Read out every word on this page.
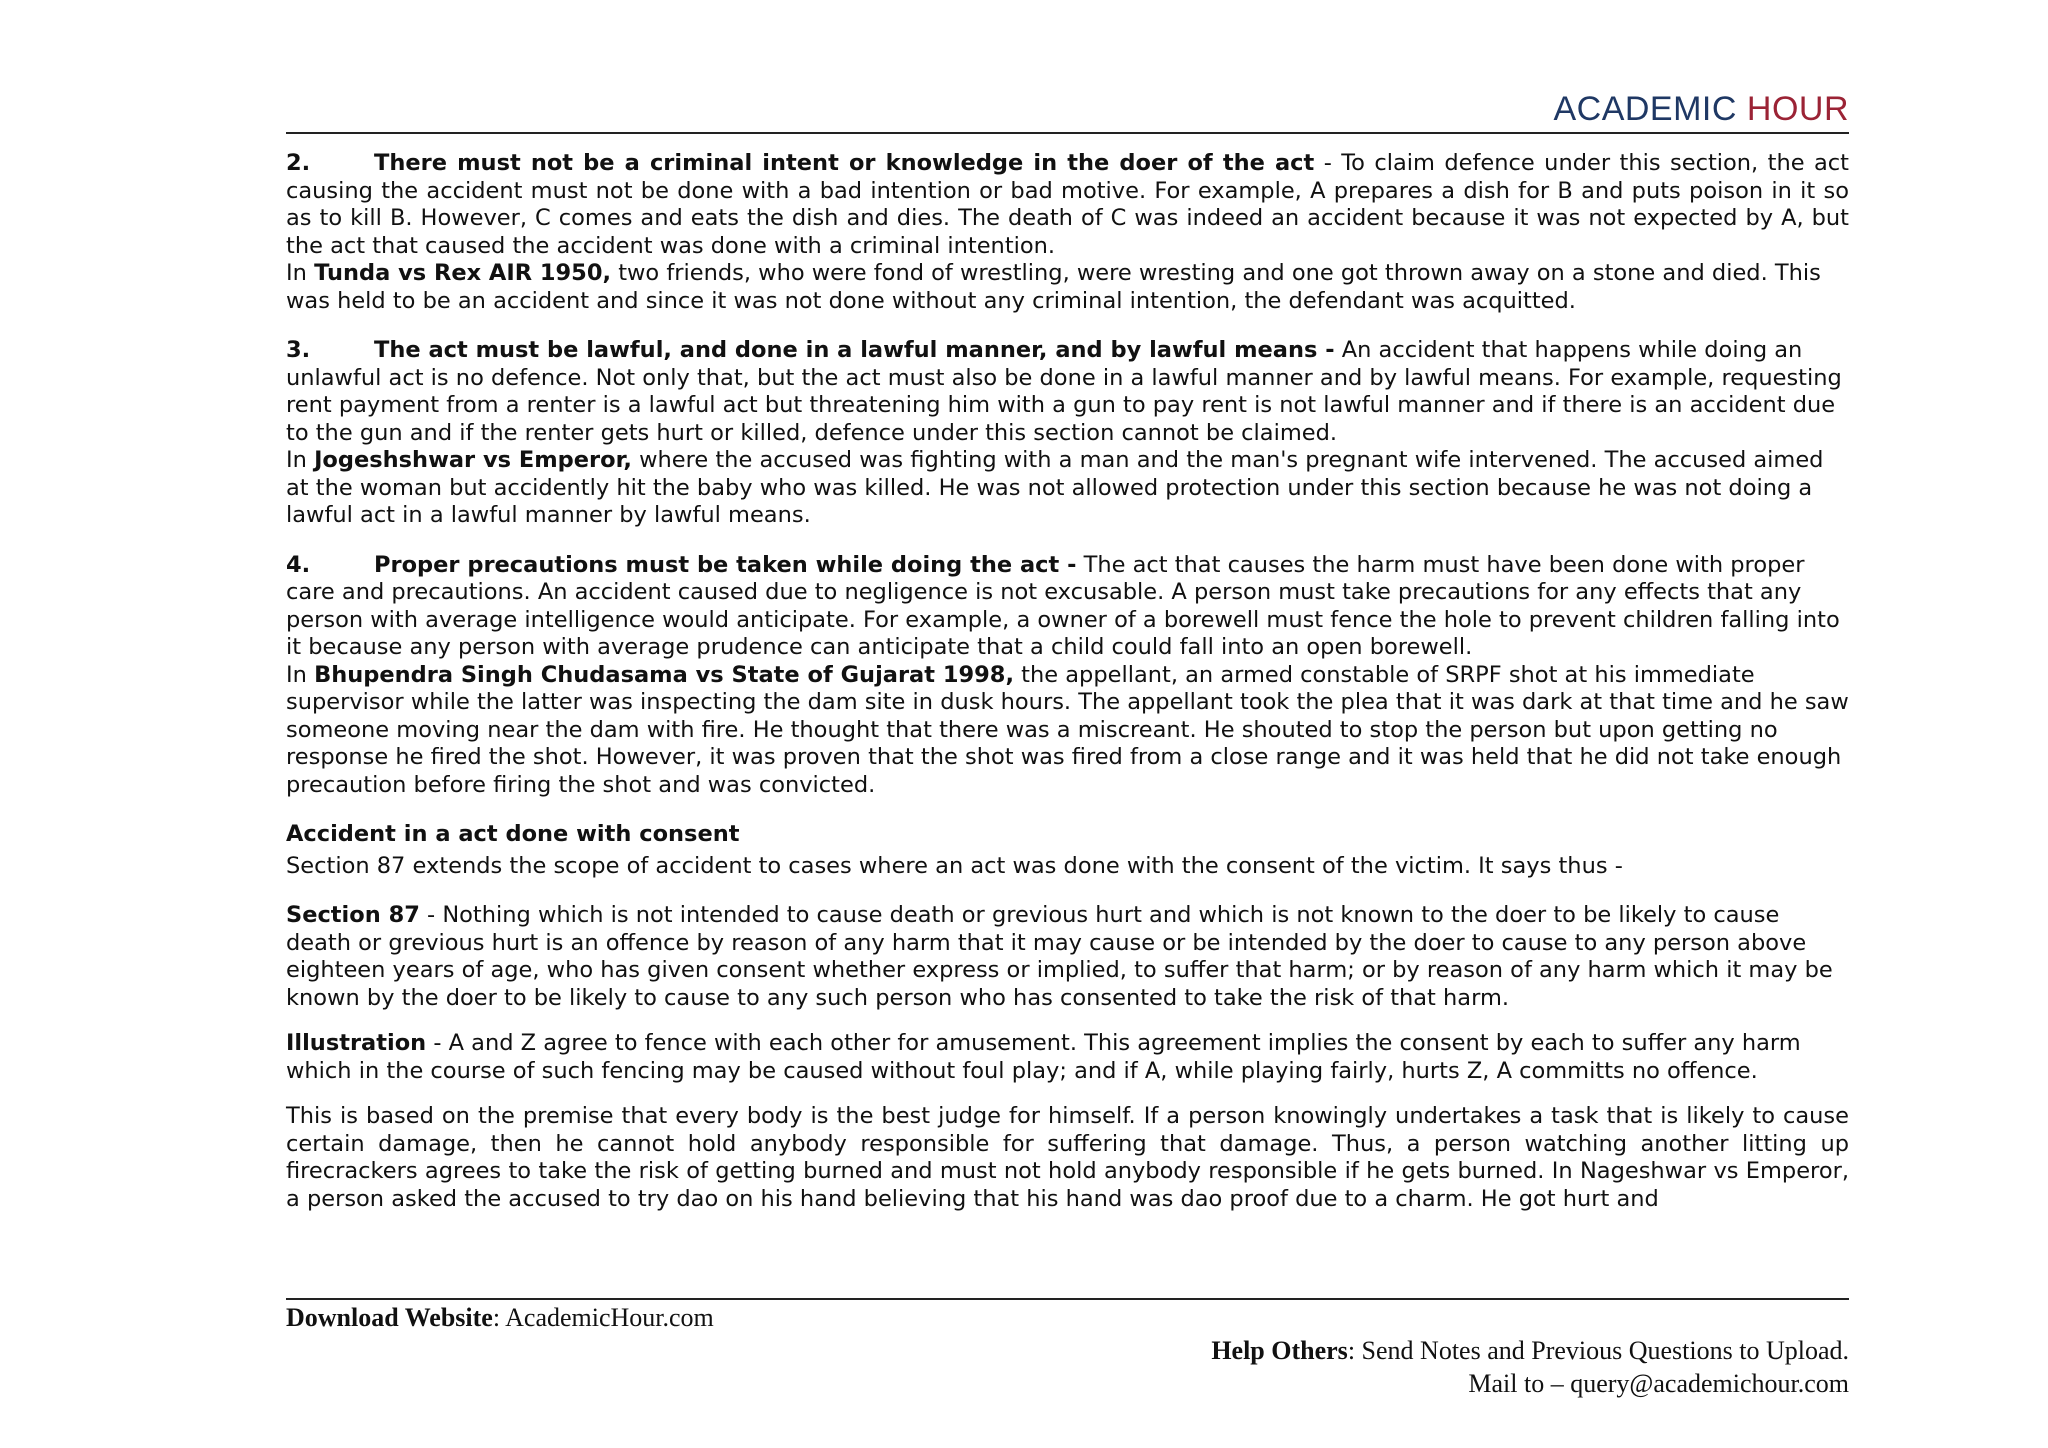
ACADEMIC HOUR

2.	There must not be a criminal intent or knowledge in the doer of the act - To claim defence under this section, the act causing the accident must not be done with a bad intention or bad motive. For example, A prepares a dish for B and puts poison in it so as to kill B. However, C comes and eats the dish and dies. The death of C was indeed an accident because it was not expected by A, but the act that caused the accident was done with a criminal intention.

In Tunda vs Rex AIR 1950, two friends, who were fond of wrestling, were wresting and one got thrown away on a stone and died. This was held to be an accident and since it was not done without any criminal intention, the defendant was acquitted.

3.	The act must be lawful, and done in a lawful manner, and by lawful means - An accident that happens while doing an unlawful act is no defence. Not only that, but the act must also be done in a lawful manner and by lawful means. For example, requesting rent payment from a renter is a lawful act but threatening him with a gun to pay rent is not lawful manner and if there is an accident due to the gun and if the renter gets hurt or killed, defence under this section cannot be claimed.

In Jogeshshwar vs Emperor, where the accused was fighting with a man and the man's pregnant wife intervened. The accused aimed at the woman but accidently hit the baby who was killed. He was not allowed protection under this section because he was not doing a lawful act in a lawful manner by lawful means.

4.	Proper precautions must be taken while doing the act - The act that causes the harm must have been done with proper care and precautions. An accident caused due to negligence is not excusable. A person must take precautions for any effects that any person with average intelligence would anticipate. For example, a owner of a borewell must fence the hole to prevent children falling into it because any person with average prudence can anticipate that a child could fall into an open borewell.

In Bhupendra Singh Chudasama vs State of Gujarat 1998, the appellant, an armed constable of SRPF shot at his immediate supervisor while the latter was inspecting the dam site in dusk hours. The appellant took the plea that it was dark at that time and he saw someone moving near the dam with fire. He thought that there was a miscreant. He shouted to stop the person but upon getting no response he fired the shot. However, it was proven that the shot was fired from a close range and it was held that he did not take enough precaution before firing the shot and was convicted.

Accident in a act done with consent

Section 87 extends the scope of accident to cases where an act was done with the consent of the victim. It says thus -

Section 87 - Nothing which is not intended to cause death or grevious hurt and which is not known to the doer to be likely to cause death or grevious hurt is an offence by reason of any harm that it may cause or be intended by the doer to cause to any person above eighteen years of age, who has given consent whether express or implied, to suffer that harm; or by reason of any harm which it may be known by the doer to be likely to cause to any such person who has consented to take the risk of that harm.

Illustration - A and Z agree to fence with each other for amusement. This agreement implies the consent by each to suffer any harm which in the course of such fencing may be caused without foul play; and if A, while playing fairly, hurts Z, A committs no offence.

This is based on the premise that every body is the best judge for himself. If a person knowingly undertakes a task that is likely to cause certain damage, then he cannot hold anybody responsible for suffering that damage. Thus, a person watching another litting up firecrackers agrees to take the risk of getting burned and must not hold anybody responsible if he gets burned. In Nageshwar vs Emperor, a person asked the accused to try dao on his hand believing that his hand was dao proof due to a charm. He got hurt and

Download Website: AcademicHour.com
Help Others: Send Notes and Previous Questions to Upload.
Mail to – query@academichour.com
